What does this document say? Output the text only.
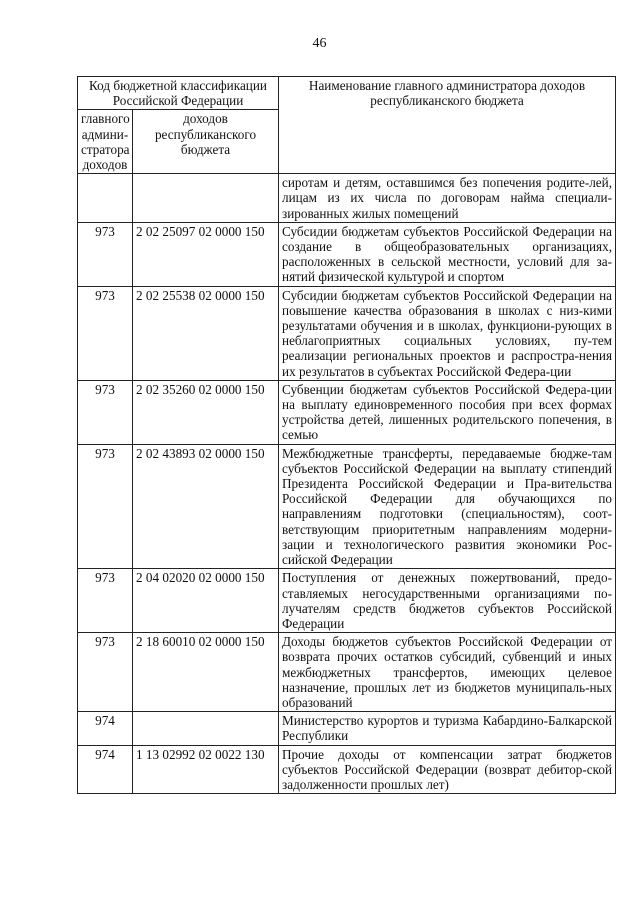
46
Код бюджетной классификации Российской Федерации		Наименование главного администратора доходов республиканского бюджета
главного админи-стратора доходов	доходов республиканского бюджета	
		сиротам и детям, оставшимся без попечения родите-лей, лицам из их числа по договорам найма специали-зированных жилых помещений
973	2 02 25097 02 0000 150	Субсидии бюджетам субъектов Российской Федерации на создание в общеобразовательных организациях, расположенных в сельской местности, условий для за-нятий физической культурой и спортом
973	2 02 25538 02 0000 150	Субсидии бюджетам субъектов Российской Федерации на повышение качества образования в школах с низ-кими результатами обучения и в школах, функциони-рующих в неблагоприятных социальных условиях, пу-тем реализации региональных проектов и распростра-нения их результатов в субъектах Российской Федера-ции
973	2 02 35260 02 0000 150	Субвенции бюджетам субъектов Российской Федера-ции на выплату единовременного пособия при всех формах устройства детей, лишенных родительского попечения, в семью
973	2 02 43893 02 0000 150	Межбюджетные трансферты, передаваемые бюдже-там субъектов Российской Федерации на выплату стипендий Президента Российской Федерации и Пра-вительства Российской Федерации для обучающихся по направлениям подготовки (специальностям), соот-ветствующим приоритетным направлениям модерни-зации и технологического развития экономики Рос-сийской Федерации
973	2 04 02020 02 0000 150	Поступления от денежных пожертвований, предо-ставляемых негосударственными организациями по-лучателям средств бюджетов субъектов Российской Федерации
973	2 18 60010 02 0000 150	Доходы бюджетов субъектов Российской Федерации от возврата прочих остатков субсидий, субвенций и иных межбюджетных трансфертов, имеющих целевое назначение, прошлых лет из бюджетов муниципаль-ных образований
974		Министерство курортов и туризма Кабардино-Балкарской Республики
974	1 13 02992 02 0022 130	Прочие доходы от компенсации затрат бюджетов субъектов Российской Федерации (возврат дебитор-ской задолженности прошлых лет)
